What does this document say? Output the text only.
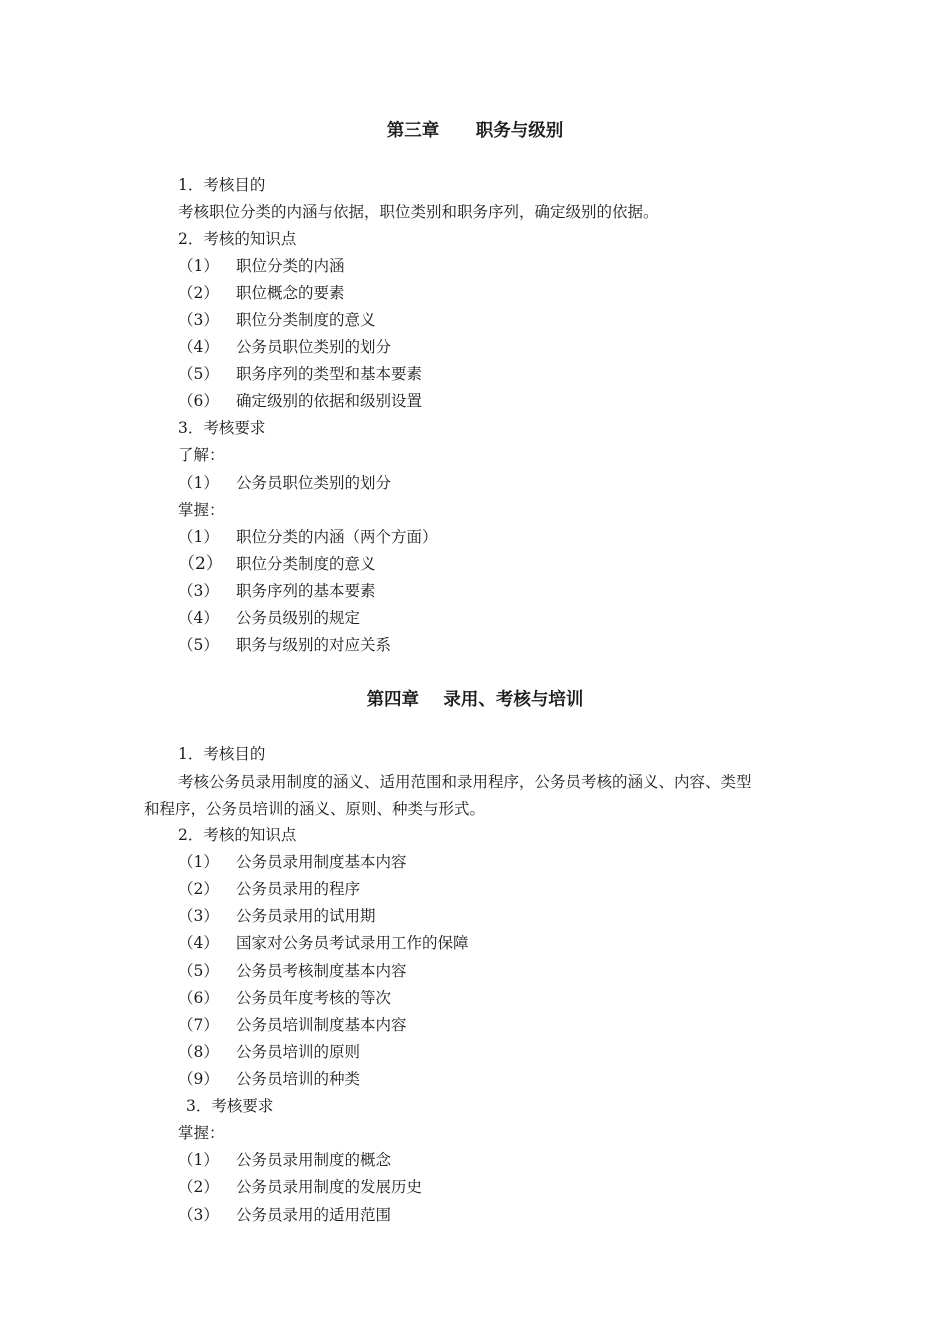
第三章      职务与级别
1．考核目的
考核职位分类的内涵与依据，职位类别和职务序列，确定级别的依据。
2．考核的知识点
（1） 职位分类的内涵
（2） 职位概念的要素
（3） 职位分类制度的意义
（4） 公务员职位类别的划分
（5） 职务序列的类型和基本要素
（6） 确定级别的依据和级别设置
3．考核要求
了解：
（1） 公务员职位类别的划分
掌握：
（1） 职位分类的内涵（两个方面）
（2） 职位分类制度的意义
（3） 职务序列的基本要素
（4） 公务员级别的规定
（5） 职务与级别的对应关系
第四章    录用、考核与培训
1．考核目的
考核公务员录用制度的涵义、适用范围和录用程序，公务员考核的涵义、内容、类型
和程序，公务员培训的涵义、原则、种类与形式。
2．考核的知识点
（1） 公务员录用制度基本内容
（2） 公务员录用的程序
（3） 公务员录用的试用期
（4） 国家对公务员考试录用工作的保障
（5） 公务员考核制度基本内容
（6） 公务员年度考核的等次
（7） 公务员培训制度基本内容
（8） 公务员培训的原则
（9） 公务员培训的种类
3．考核要求
掌握：
（1） 公务员录用制度的概念
（2） 公务员录用制度的发展历史
（3） 公务员录用的适用范围
